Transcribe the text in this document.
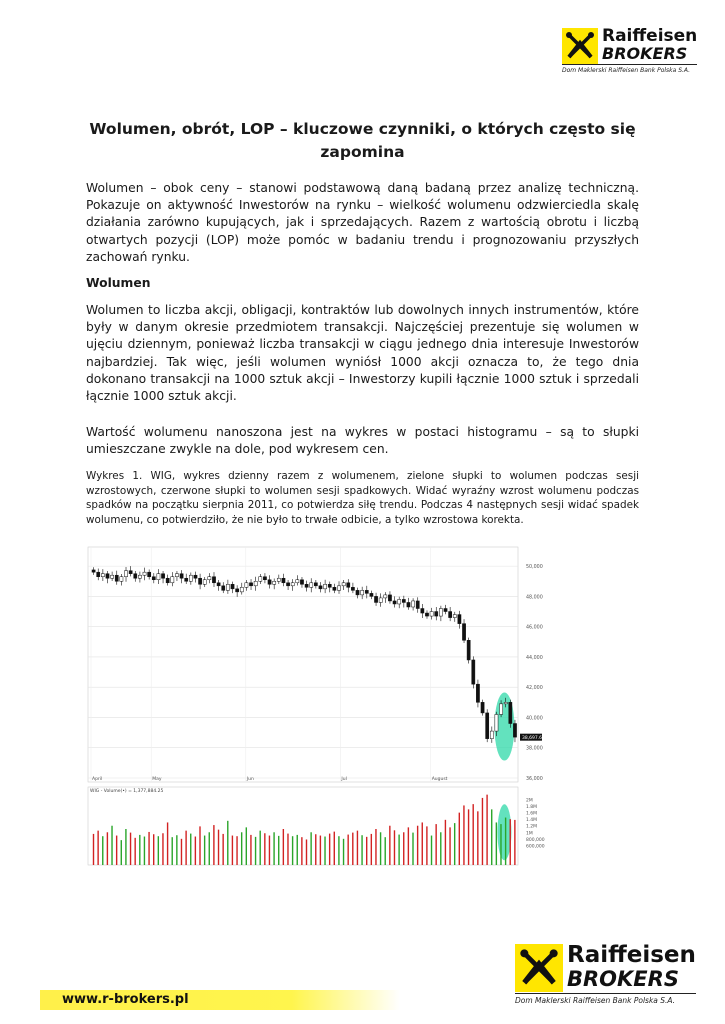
Raiffeisen
BROKERS
Dom Maklerski Raiffeisen Bank Polska S.A.
Wolumen, obrót, LOP – kluczowe czynniki, o których często się zapomina

Wolumen – obok ceny – stanowi podstawową daną badaną przez analizę techniczną. Pokazuje on aktywność Inwestorów na rynku – wielkość wolumenu odzwierciedla skalę działania zarówno kupujących, jak i sprzedających. Razem z wartością obrotu i liczbą otwartych pozycji (LOP) może pomóc w badaniu trendu i prognozowaniu przyszłych zachowań rynku.

Wolumen

Wolumen to liczba akcji, obligacji, kontraktów lub dowolnych innych instrumentów, które były w danym okresie przedmiotem transakcji. Najczęściej prezentuje się wolumen w ujęciu dziennym, ponieważ liczba transakcji w ciągu jednego dnia interesuje Inwestorów najbardziej. Tak więc, jeśli wolumen wyniósł 1000 akcji oznacza to, że tego dnia dokonano transakcji na 1000 sztuk akcji – Inwestorzy kupili łącznie 1000 sztuk i sprzedali łącznie 1000 sztuk akcji.

Wartość wolumenu nanoszona jest na wykres w postaci histogramu – są to słupki umieszczane zwykle na dole, pod wykresem cen.

Wykres 1. WIG, wykres dzienny razem z wolumenem, zielone słupki to wolumen podczas sesji wzrostowych, czerwone słupki to wolumen sesji spadkowych. Widać wyraźny wzrost wolumenu podczas spadków na początku sierpnia 2011, co potwierdza siłę trendu. Podczas 4 następnych sesji widać spadek wolumenu, co potwierdziło, że nie było to trwałe odbicie, a tylko wzrostowa korekta.

50,000
48,000
46,000
44,000
42,000
40,000
38,000
36,000
April	May	Jun	Jul	August
38,697.6
WIG - Volume(•) = 1,377,884.25
2M
1.8M
1.6M
1.4M
1.2M
1M
800,000
600,000
Raiffeisen
BROKERS
Dom Maklerski Raiffeisen Bank Polska S.A.
www.r-brokers.pl
